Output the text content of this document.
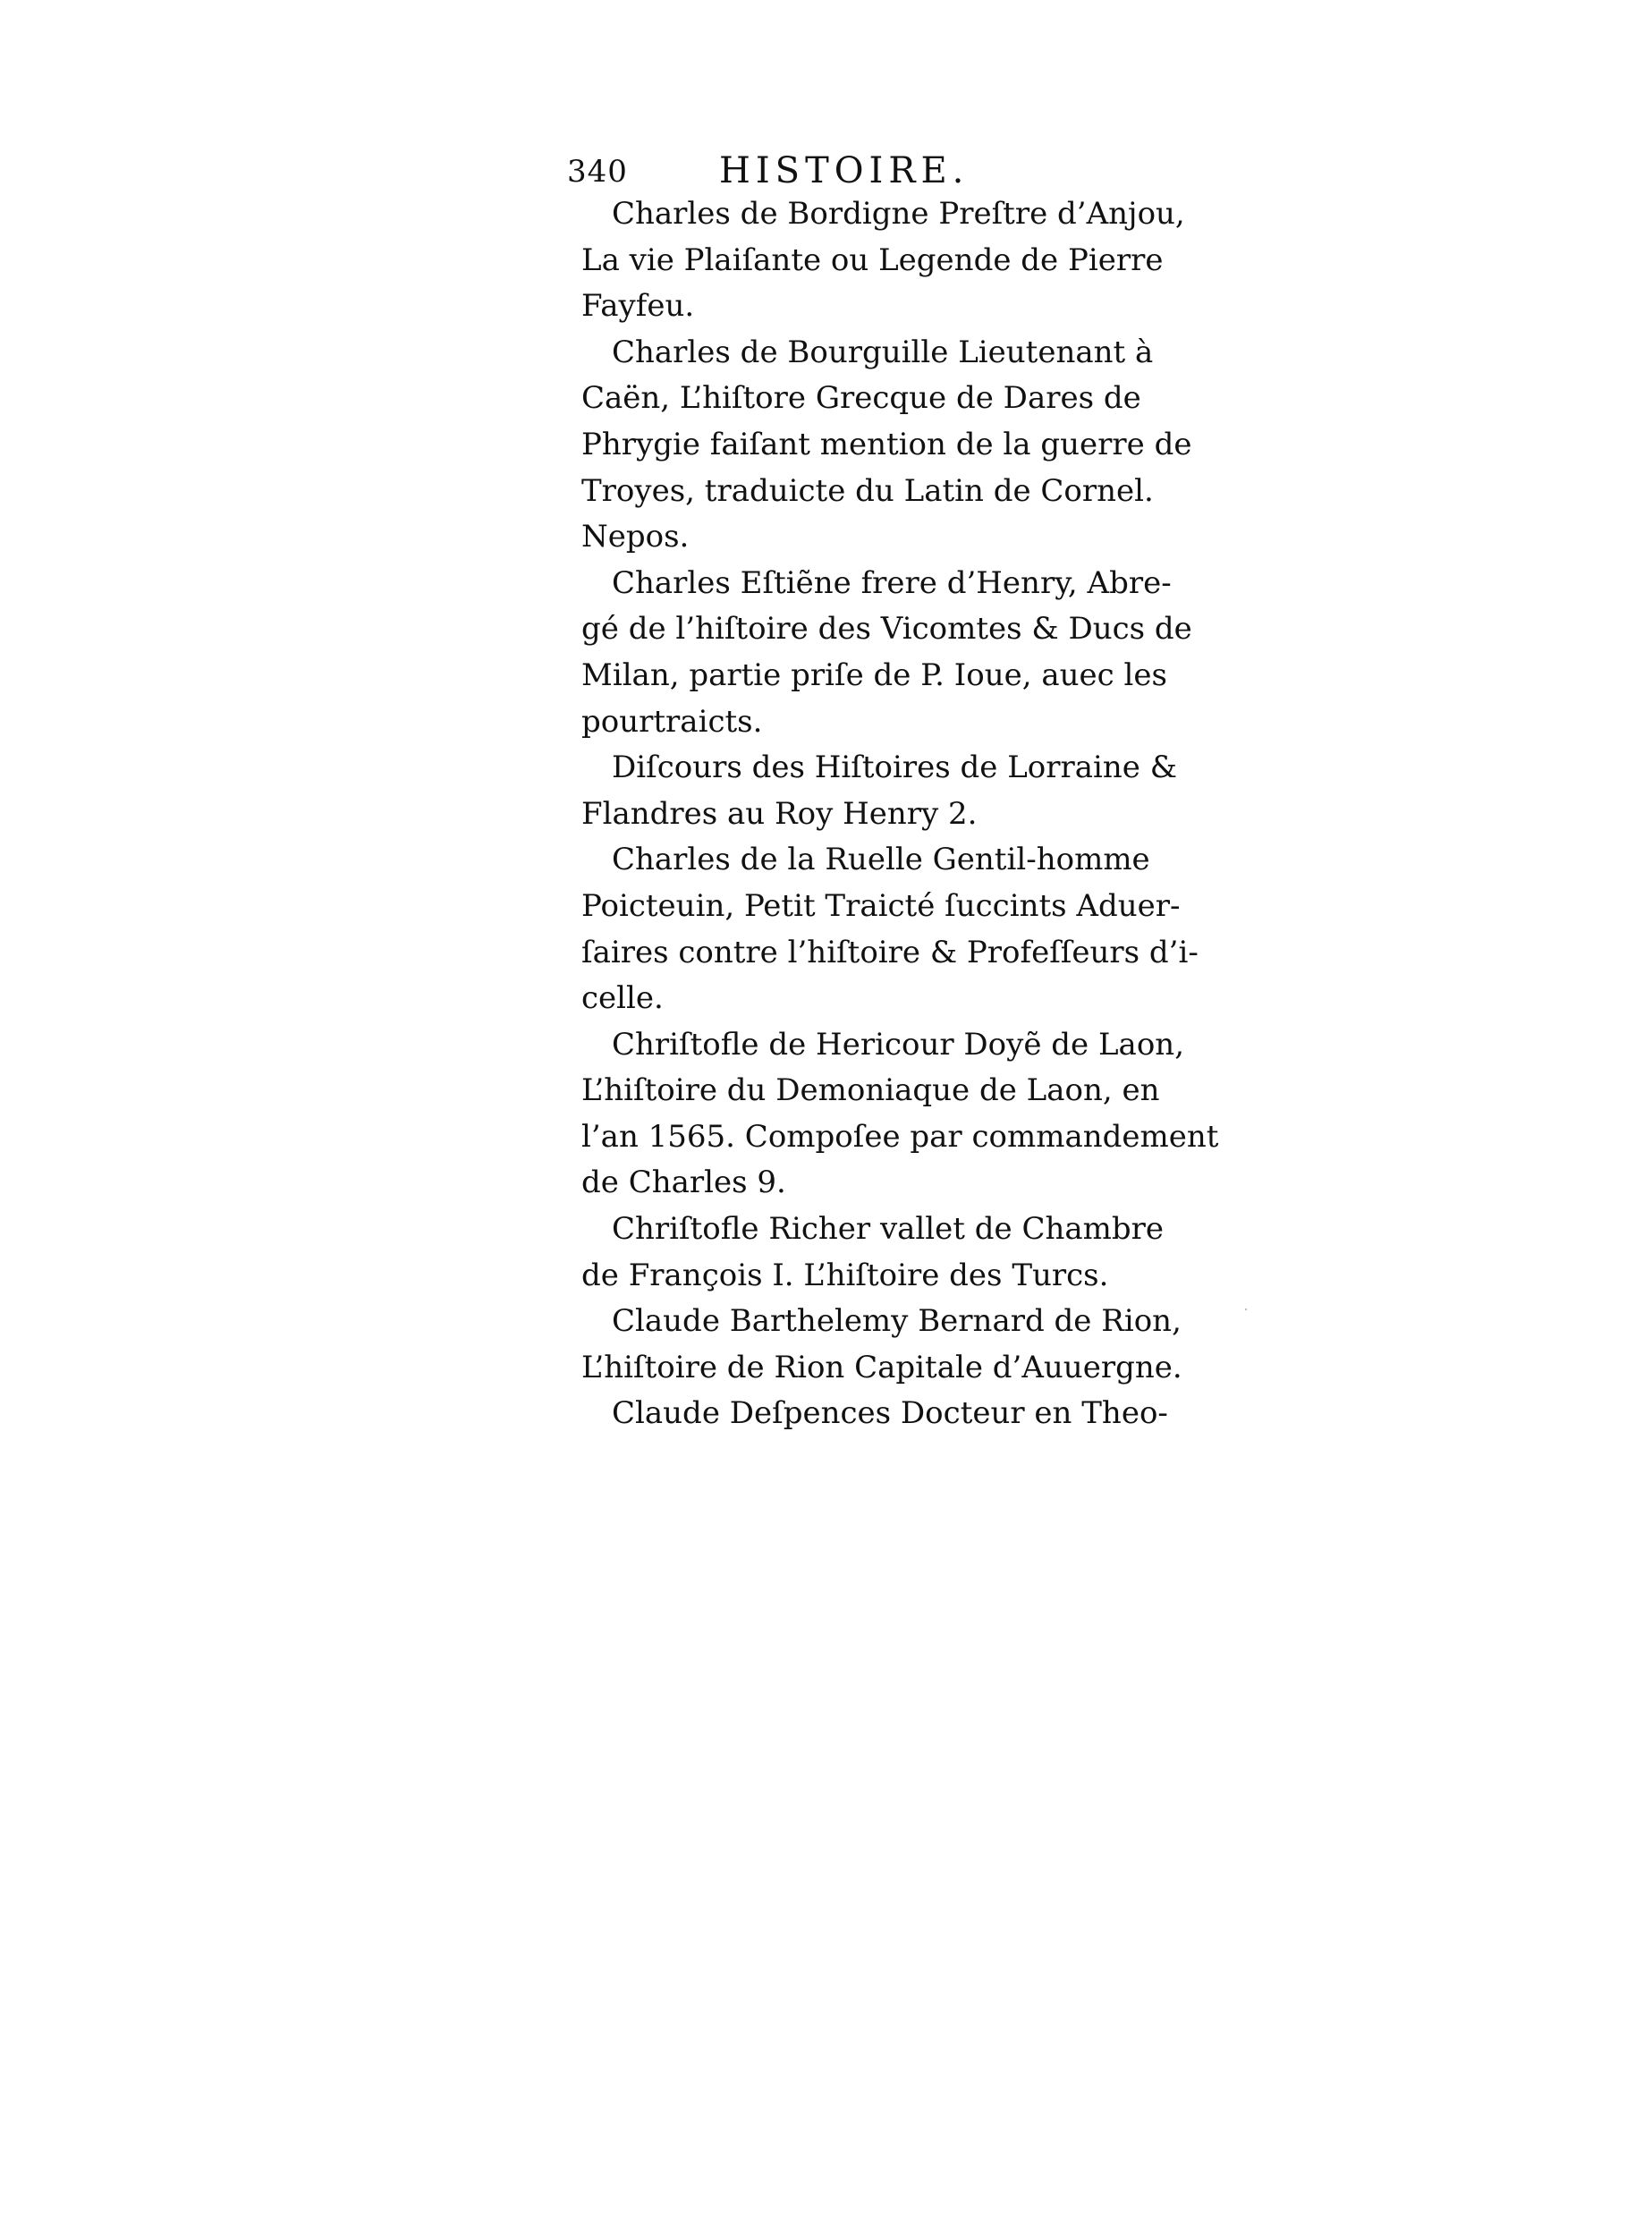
340	HISTOIRE.
Charles de Bordigne Preſtre d’Anjou,
La vie Plaiſante ou Legende de Pierre
Fayfeu.
Charles de Bourguille Lieutenant à
Caën, L’hiſtore Grecque de Dares de
Phrygie faiſant mention de la guerre de
Troyes, traduicte du Latin de Cornel.
Nepos.
Charles Eſtiẽne frere d’Henry, Abre-
gé de l’hiſtoire des Vicomtes & Ducs de
Milan, partie priſe de P. Ioue, auec les
pourtraicts.
Diſcours des Hiſtoires de Lorraine &
Flandres au Roy Henry 2.
Charles de la Ruelle Gentil-homme
Poicteuin, Petit Traicté ſuccints Aduer-
ſaires contre l’hiſtoire & Profeſſeurs d’i-
celle.
Chriſtofle de Hericour Doyẽ de Laon,
L’hiſtoire du Demoniaque de Laon, en
l’an 1565. Compoſee par commandement
de Charles 9.
Chriſtofle Richer vallet de Chambre
de François I. L’hiſtoire des Turcs.
Claude Barthelemy Bernard de Rion,
L’hiſtoire de Rion Capitale d’Auuergne.
Claude Deſpences Docteur en Theo-
